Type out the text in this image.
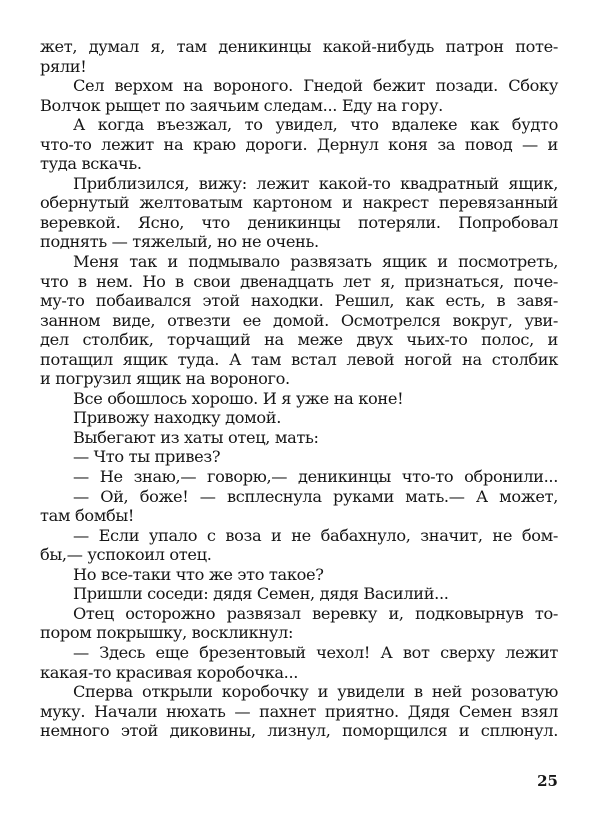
жет, думал я, там деникинцы какой-нибудь патрон поте-
ряли!
Сел верхом на вороного. Гнедой бежит позади. Сбоку
Волчок рыщет по заячьим следам... Еду на гору.
А когда въезжал, то увидел, что вдалеке как будто
что-то лежит на краю дороги. Дернул коня за повод — и
туда вскачь.
Приблизился, вижу: лежит какой-то квадратный ящик,
обернутый желтоватым картоном и накрест перевязанный
веревкой. Ясно, что деникинцы потеряли. Попробовал
поднять — тяжелый, но не очень.
Меня так и подмывало развязать ящик и посмотреть,
что в нем. Но в свои двенадцать лет я, признаться, поче-
му-то побаивался этой находки. Решил, как есть, в завя-
занном виде, отвезти ее домой. Осмотрелся вокруг, уви-
дел столбик, торчащий на меже двух чьих-то полос, и
потащил ящик туда. А там встал левой ногой на столбик
и погрузил ящик на вороного.
Все обошлось хорошо. И я уже на коне!
Привожу находку домой.
Выбегают из хаты отец, мать:
— Что ты привез?
— Не знаю,— говорю,— деникинцы что-то обронили...
— Ой, боже! — всплеснула руками мать.— А может,
там бомбы!
— Если упало с воза и не бабахнуло, значит, не бом-
бы,— успокоил отец.
Но все-таки что же это такое?
Пришли соседи: дядя Семен, дядя Василий...
Отец осторожно развязал веревку и, подковырнув то-
пором покрышку, воскликнул:
— Здесь еще брезентовый чехол! А вот сверху лежит
какая-то красивая коробочка...
Сперва открыли коробочку и увидели в ней розоватую
муку. Начали нюхать — пахнет приятно. Дядя Семен взял
немного этой диковины, лизнул, поморщился и сплюнул.
25
